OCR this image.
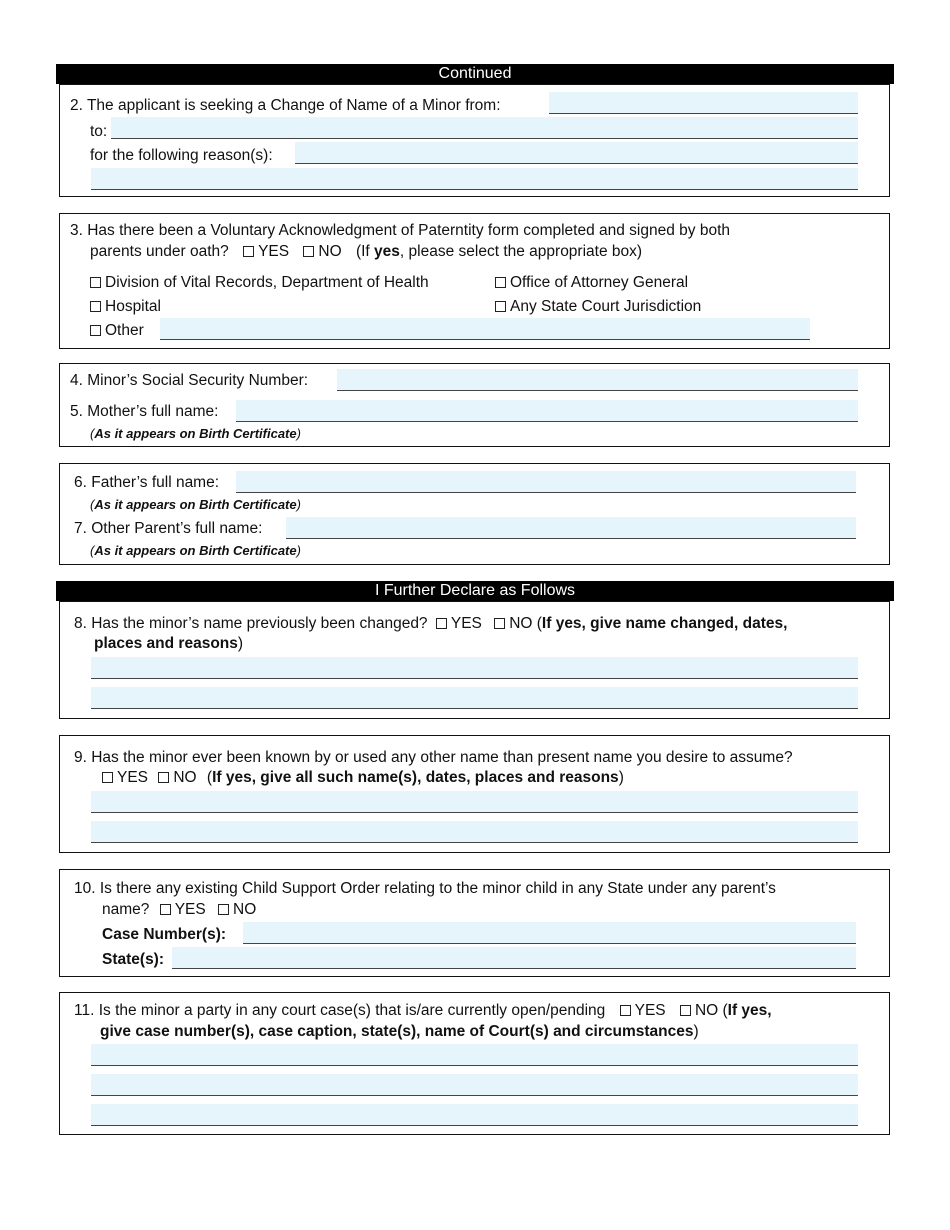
Continued
2. The applicant is seeking a Change of Name of a Minor from:
to:
for the following reason(s):
3. Has there been a Voluntary Acknowledgment of Paterntity form completed and signed by both
parents under oath? YES NO (If yes, please select the appropriate box)
Division of Vital Records, Department of Health	Office of Attorney General
Hospital	Any State Court Jurisdiction
Other
4. Minor’s Social Security Number:
5. Mother’s full name:
(As it appears on Birth Certificate)
6. Father’s full name:
(As it appears on Birth Certificate)
7. Other Parent’s full name:
(As it appears on Birth Certificate)
I Further Declare as Follows
8. Has the minor’s name previously been changed? YES NO (If yes, give name changed, dates,
places and reasons)
9. Has the minor ever been known by or used any other name than present name you desire to assume?
YES NO (If yes, give all such name(s), dates, places and reasons)
10. Is there any existing Child Support Order relating to the minor child in any State under any parent’s
name? YES NO
Case Number(s):
State(s):
11. Is the minor a party in any court case(s) that is/are currently open/pending YES NO (If yes,
give case number(s), case caption, state(s), name of Court(s) and circumstances)
